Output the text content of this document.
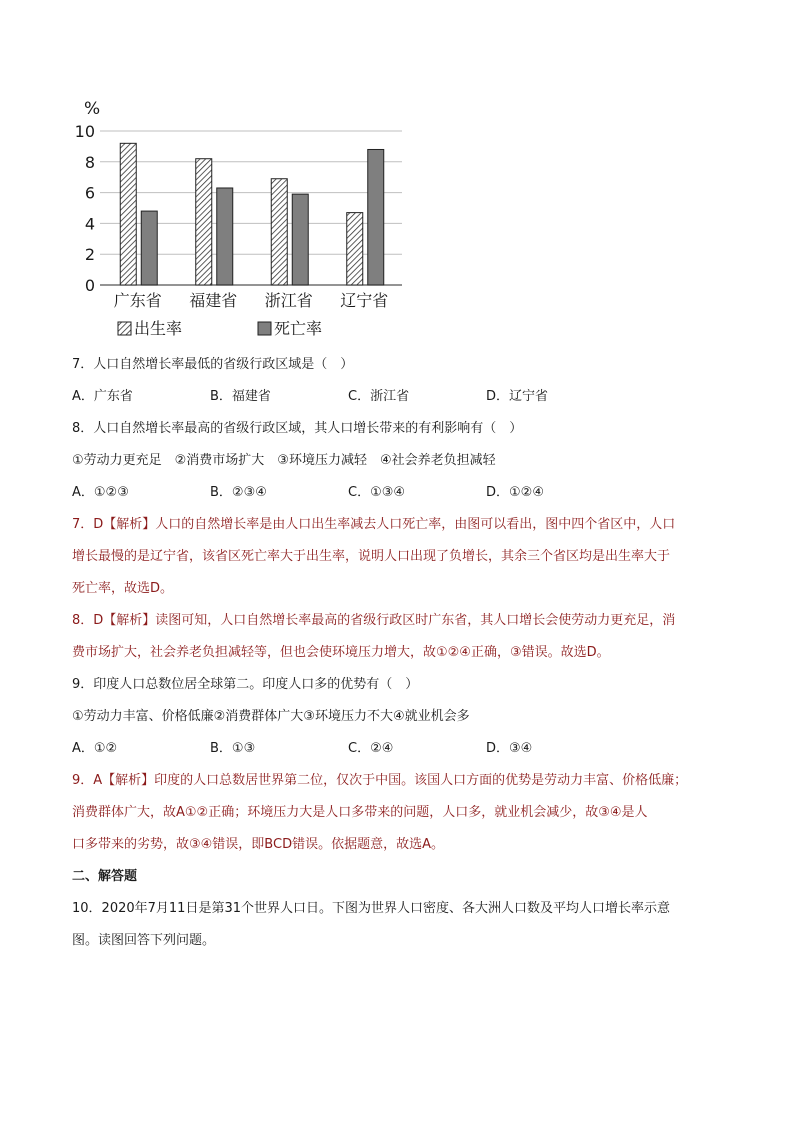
%
0
2
4
6
8
10
广东省 福建省 浙江省 辽宁省
出生率	死亡率
7．人口自然增长率最低的省级行政区域是（　）
A．广东省	B．福建省	C．浙江省	D．辽宁省
8．人口自然增长率最高的省级行政区域，其人口增长带来的有利影响有（　）
①劳动力更充足　②消费市场扩大　③环境压力减轻　④社会养老负担减轻
A．①②③	B．②③④	C．①③④	D．①②④
7．D【解析】人口的自然增长率是由人口出生率减去人口死亡率，由图可以看出，图中四个省区中，人口
增长最慢的是辽宁省，该省区死亡率大于出生率，说明人口出现了负增长，其余三个省区均是出生率大于
死亡率，故选D。
8．D【解析】读图可知，人口自然增长率最高的省级行政区时广东省，其人口增长会使劳动力更充足，消
费市场扩大，社会养老负担减轻等，但也会使环境压力增大，故①②④正确，③错误。故选D。
9．印度人口总数位居全球第二。印度人口多的优势有（　）
①劳动力丰富、价格低廉②消费群体广大③环境压力不大④就业机会多
A．①②	B．①③	C．②④	D．③④
9．A【解析】印度的人口总数居世界第二位，仅次于中国。该国人口方面的优势是劳动力丰富、价格低廉；
消费群体广大，故A①②正确；环境压力大是人口多带来的问题，人口多，就业机会减少，故③④是人
口多带来的劣势，故③④错误，即BCD错误。依据题意，故选A。
二、解答题
10．2020年7月11日是第31个世界人口日。下图为世界人口密度、各大洲人口数及平均人口增长率示意
图。读图回答下列问题。
